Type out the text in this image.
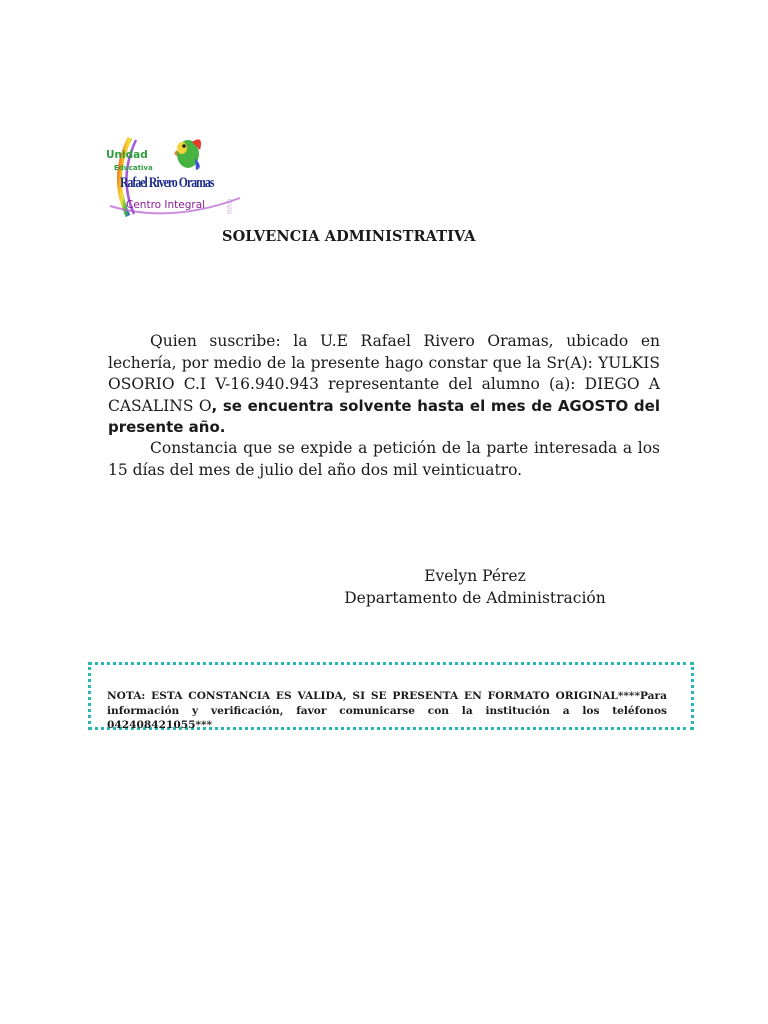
RRO
Unidad
Educativa
Rafael Rivero Oramas
Centro Integral
SOLVENCIA ADMINISTRATIVA
Quien suscribe: la U.E Rafael Rivero Oramas, ubicado en lechería, por medio de la presente hago constar que la Sr(A): YULKIS OSORIO C.I V-16.940.943 representante del alumno (a): DIEGO A CASALINS O, se encuentra solvente hasta el mes de AGOSTO del presente año.
Constancia que se expide a petición de la parte interesada a los 15 días del mes de julio del año dos mil veinticuatro.
Evelyn Pérez
Departamento de Administración
NOTA: ESTA CONSTANCIA ES VALIDA, SI SE PRESENTA EN FORMATO ORIGINAL****Para información y verificación, favor comunicarse con la institución a los teléfonos 042408421055***
